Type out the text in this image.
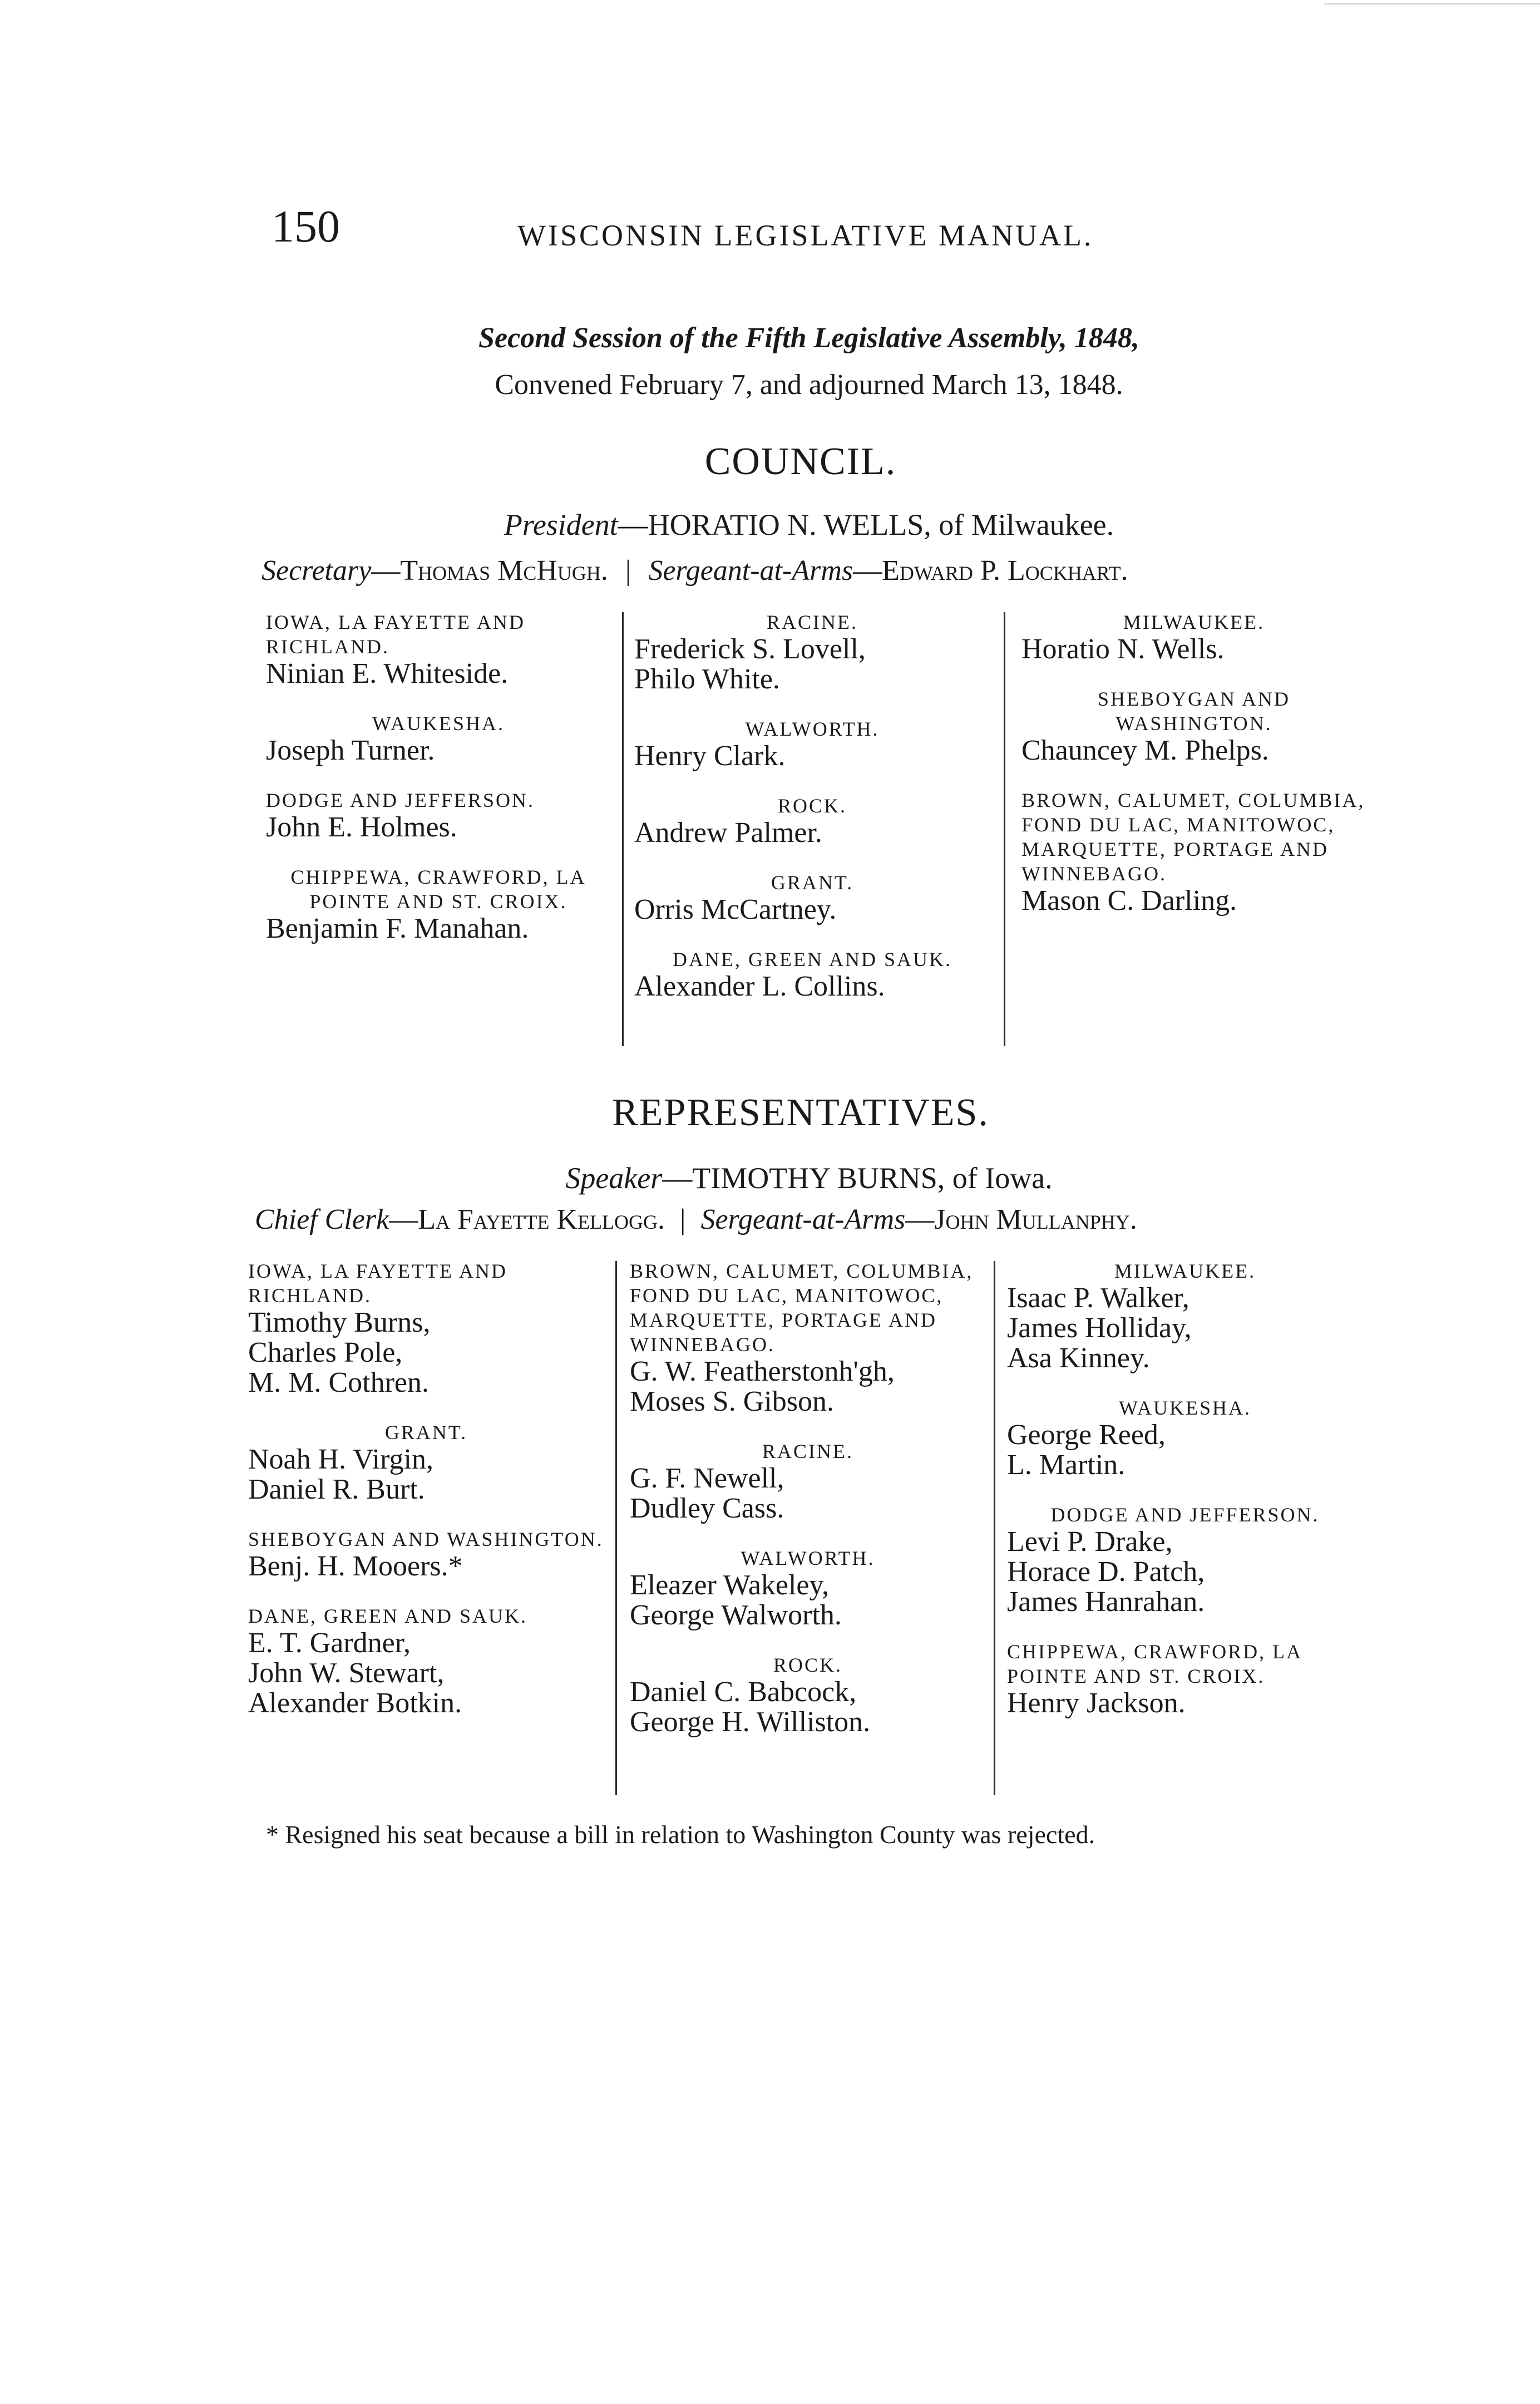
150	WISCONSIN LEGISLATIVE MANUAL.
Second Session of the Fifth Legislative Assembly, 1848,
Convened February 7, and adjourned March 13, 1848.
COUNCIL.
President—HORATIO N. WELLS, of Milwaukee.
Secretary—Thomas McHugh. | Sergeant-at-Arms—Edward P. Lockhart.

IOWA, LA FAYETTE AND RICHLAND.

Ninian E. Whiteside.

WAUKESHA.

Joseph Turner.

DODGE AND JEFFERSON.

John E. Holmes.

CHIPPEWA, CRAWFORD, LA POINTE AND ST. CROIX.

Benjamin F. Manahan.

RACINE.

Frederick S. Lovell,

Philo White.

WALWORTH.

Henry Clark.

ROCK.

Andrew Palmer.

GRANT.

Orris McCartney.

DANE, GREEN AND SAUK.

Alexander L. Collins.

MILWAUKEE.

Horatio N. Wells.

SHEBOYGAN AND WASHINGTON.

Chauncey M. Phelps.

BROWN, CALUMET, COLUMBIA, FOND DU LAC, MANITOWOC, MARQUETTE, PORTAGE AND WINNEBAGO.

Mason C. Darling.

REPRESENTATIVES.
Speaker—TIMOTHY BURNS, of Iowa.
Chief Clerk—La Fayette Kellogg. | Sergeant-at-Arms—John Mullanphy.

IOWA, LA FAYETTE AND RICHLAND.

Timothy Burns,

Charles Pole,

M. M. Cothren.

GRANT.

Noah H. Virgin,

Daniel R. Burt.

SHEBOYGAN AND WASHINGTON.

Benj. H. Mooers.*

DANE, GREEN AND SAUK.

E. T. Gardner,

John W. Stewart,

Alexander Botkin.

BROWN, CALUMET, COLUMBIA, FOND DU LAC, MANITOWOC, MARQUETTE, PORTAGE AND WINNEBAGO.

G. W. Featherstonh'gh,

Moses S. Gibson.

RACINE.

G. F. Newell,

Dudley Cass.

WALWORTH.

Eleazer Wakeley,

George Walworth.

ROCK.

Daniel C. Babcock,

George H. Williston.

MILWAUKEE.

Isaac P. Walker,

James Holliday,

Asa Kinney.

WAUKESHA.

George Reed,

L. Martin.

DODGE AND JEFFERSON.

Levi P. Drake,

Horace D. Patch,

James Hanrahan.

CHIPPEWA, CRAWFORD, LA POINTE AND ST. CROIX.

Henry Jackson.

* Resigned his seat because a bill in relation to Washington County was rejected.
